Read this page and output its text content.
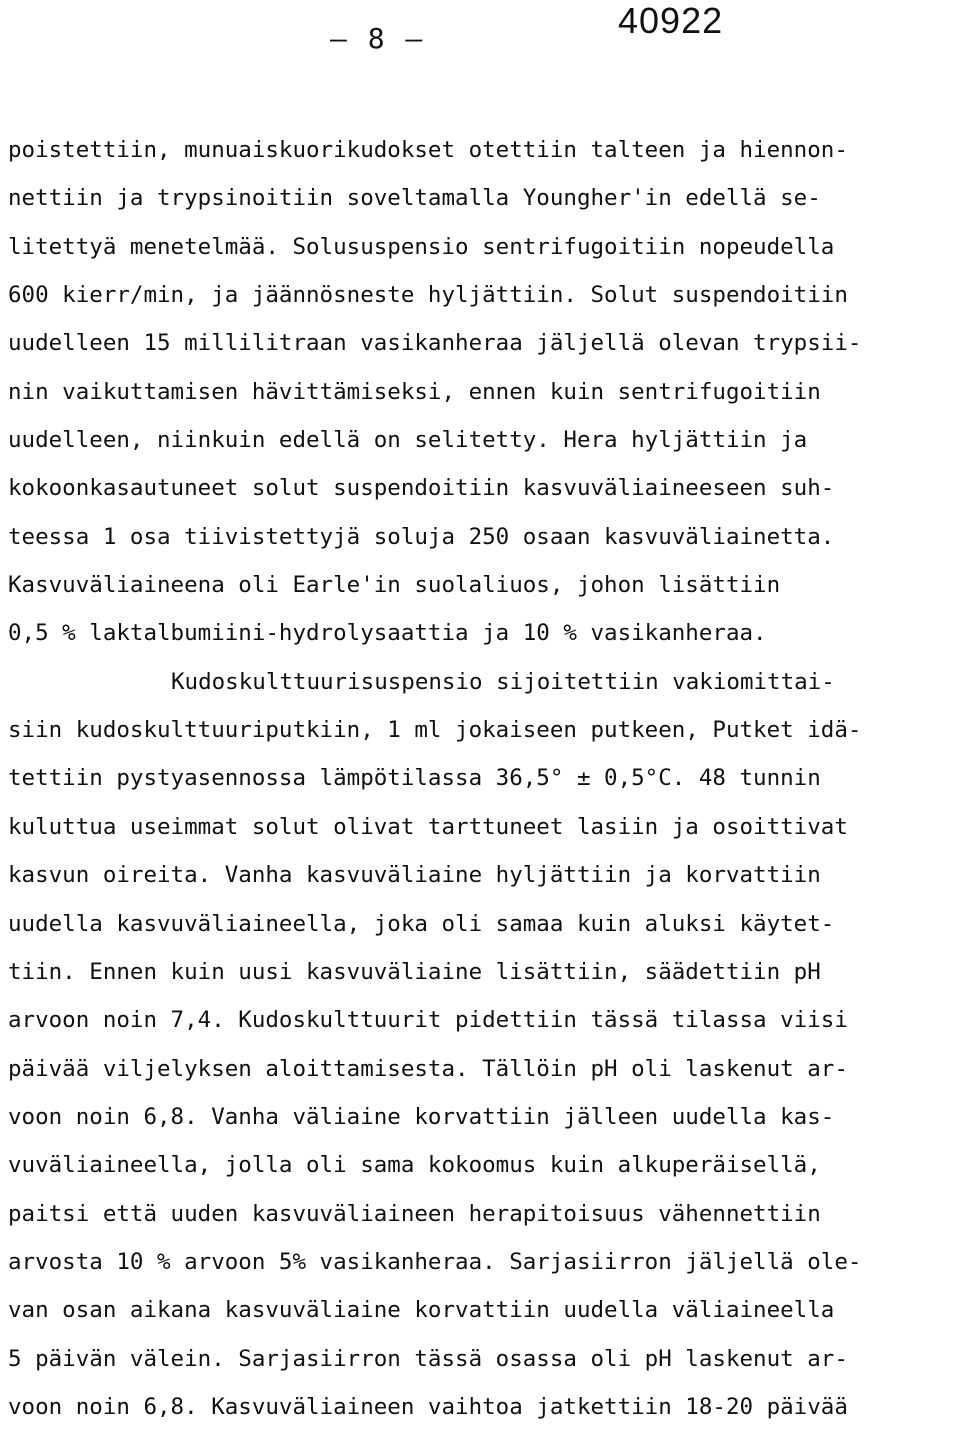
– 8 –	40922
poistettiin, munuaiskuorikudokset otettiin talteen ja hiennon-
nettiin ja trypsinoitiin soveltamalla Youngher'in edellä se-
litettyä menetelmää. Solususpensio sentrifugoitiin nopeudella
600 kierr/min, ja jäännösneste hyljättiin. Solut suspendoitiin
uudelleen 15 millilitraan vasikanheraa jäljellä olevan trypsii-
nin vaikuttamisen hävittämiseksi, ennen kuin sentrifugoitiin
uudelleen, niinkuin edellä on selitetty. Hera hyljättiin ja
kokoonkasautuneet solut suspendoitiin kasvuväliaineeseen suh-
teessa 1 osa tiivistettyjä soluja 250 osaan kasvuväliainetta.
Kasvuväliaineena oli Earle'in suolaliuos, johon lisättiin
0,5 % laktalbumiini-hydrolysaattia ja 10 % vasikanheraa.
Kudoskulttuurisuspensio sijoitettiin vakiomittai-
siin kudoskulttuuriputkiin, 1 ml jokaiseen putkeen, Putket idä-
tettiin pystyasennossa lämpötilassa 36,5° ± 0,5°C. 48 tunnin
kuluttua useimmat solut olivat tarttuneet lasiin ja osoittivat
kasvun oireita. Vanha kasvuväliaine hyljättiin ja korvattiin
uudella kasvuväliaineella, joka oli samaa kuin aluksi käytet-
tiin. Ennen kuin uusi kasvuväliaine lisättiin, säädettiin pH
arvoon noin 7,4. Kudoskulttuurit pidettiin tässä tilassa viisi
päivää viljelyksen aloittamisesta. Tällöin pH oli laskenut ar-
voon noin 6,8. Vanha väliaine korvattiin jälleen uudella kas-
vuväliaineella, jolla oli sama kokoomus kuin alkuperäisellä,
paitsi että uuden kasvuväliaineen herapitoisuus vähennettiin
arvosta 10 % arvoon 5% vasikanheraa. Sarjasiirron jäljellä ole-
van osan aikana kasvuväliaine korvattiin uudella väliaineella
5 päivän välein. Sarjasiirron tässä osassa oli pH laskenut ar-
voon noin 6,8. Kasvuväliaineen vaihtoa jatkettiin 18-20 päivää
